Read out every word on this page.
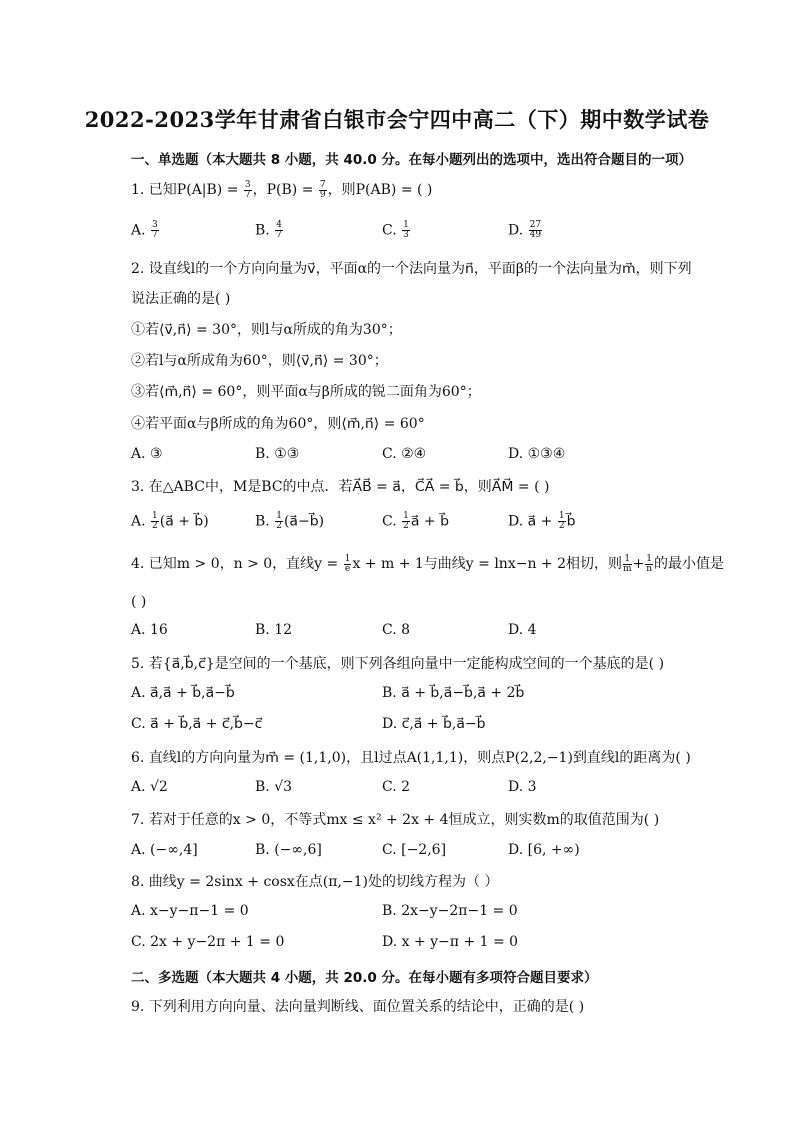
2022-2023学年甘肃省白银市会宁四中高二（下）期中数学试卷
一、单选题（本大题共 8 小题，共 40.0 分。在每小题列出的选项中，选出符合题目的一项）
1. 已知$P(A|B) = \frac{3}{7}$ ，$P(B) = \frac{7}{9}$ ，则P(AB) = ( )
A. $\frac{3}{7}$	B. $\frac{4}{7}$	C. $\frac{1}{3}$	D. $\frac{27}{49}$
2. 设直线l的一个方向向量为v⃗，平面α的一个法向量为n⃗，平面β的一个法向量为m⃗，则下列
说法正确的是( )
①若⟨v⃗,n⃗⟩ = 30°，则l与α所成的角为30°；
②若l与α所成角为60°，则⟨v⃗,n⃗⟩ = 30°；
③若⟨m⃗,n⃗⟩ = 60°，则平面α与β所成的锐二面角为60°；
④若平面α与β所成的角为60°，则⟨m⃗,n⃗⟩ = 60°
A. ③	B. ①③	C. ②④	D. ①③④
3. 在△ABC中，M是BC的中点．若A⃗B⃗ = a⃗，C⃗A⃗ = b⃗，则A⃗M⃗ = ( )
A. $\frac{1}{2}$ (a⃗ + b⃗)	B. $\frac{1}{2}$ (a⃗−b⃗)	C. $\frac{1}{2}$ a⃗ + b⃗	D. a⃗ + $\frac{1}{2}$ b⃗
4. 已知m > 0，n > 0，直线$y = \frac{1}{e}$ x + m + 1与曲线y = lnx−n + 2相切，则 $\frac{1}{m} + \frac{1}{n}$ 的最小值是
( )
A. 16	B. 12	C. 8	D. 4
5. 若{a⃗,b⃗,c⃗}是空间的一个基底，则下列各组向量中一定能构成空间的一个基底的是( )
A. a⃗,a⃗ + b⃗,a⃗−b⃗	B. a⃗ + b⃗,a⃗−b⃗,a⃗ + 2b⃗
C. a⃗ + b⃗,a⃗ + c⃗,b⃗−c⃗	D. c⃗,a⃗ + b⃗,a⃗−b⃗
6. 直线l的方向向量为m⃗ = (1,1,0)，且l过点A(1,1,1)，则点P(2,2,−1)到直线l的距离为( )
A. √2	B. √3	C. 2	D. 3
7. 若对于任意的x > 0，不等式mx ≤ x² + 2x + 4恒成立，则实数m的取值范围为( )
A. (−∞,4]	B. (−∞,6]	C. [−2,6]	D. [6, +∞)
8. 曲线y = 2sinx + cosx在点(π,−1)处的切线方程为（ ）
A. x−y−π−1 = 0	B. 2x−y−2π−1 = 0
C. 2x + y−2π + 1 = 0	D. x + y−π + 1 = 0
二、多选题（本大题共 4 小题，共 20.0 分。在每小题有多项符合题目要求）
9. 下列利用方向向量、法向量判断线、面位置关系的结论中，正确的是( )
